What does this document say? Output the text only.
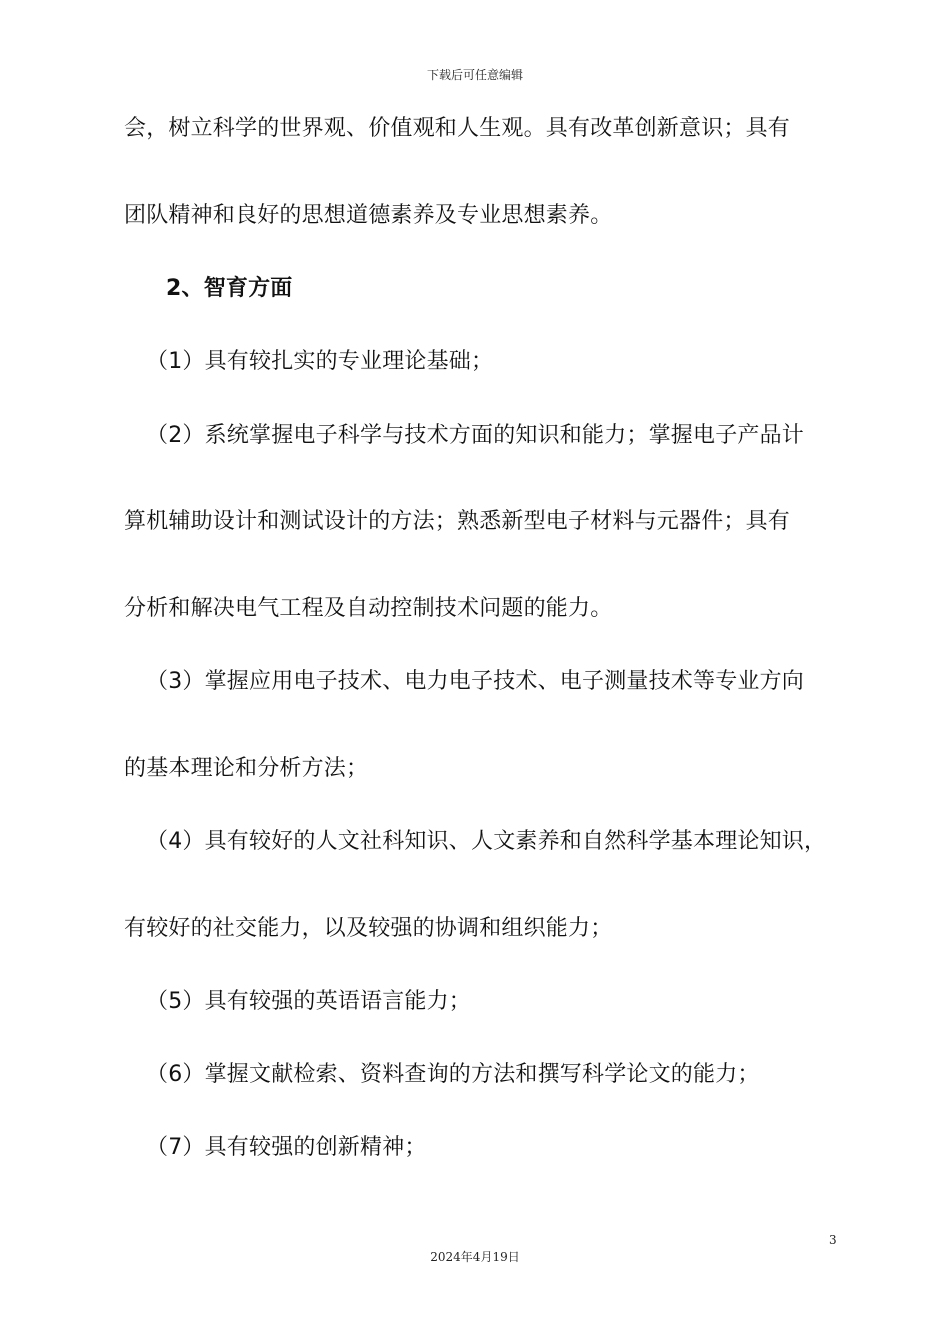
下载后可任意编辑
会，树立科学的世界观、价值观和人生观。具有改革创新意识；具有
团队精神和良好的思想道德素养及专业思想素养。
2、智育方面
（1）具有较扎实的专业理论基础；
（2）系统掌握电子科学与技术方面的知识和能力；掌握电子产品计
算机辅助设计和测试设计的方法；熟悉新型电子材料与元器件；具有
分析和解决电气工程及自动控制技术问题的能力。
（3）掌握应用电子技术、电力电子技术、电子测量技术等专业方向
的基本理论和分析方法；
（4）具有较好的人文社科知识、人文素养和自然科学基本理论知识，
有较好的社交能力，以及较强的协调和组织能力；
（5）具有较强的英语语言能力；
（6）掌握文献检索、资料查询的方法和撰写科学论文的能力；
（7）具有较强的创新精神；
3
2024年4月19日
